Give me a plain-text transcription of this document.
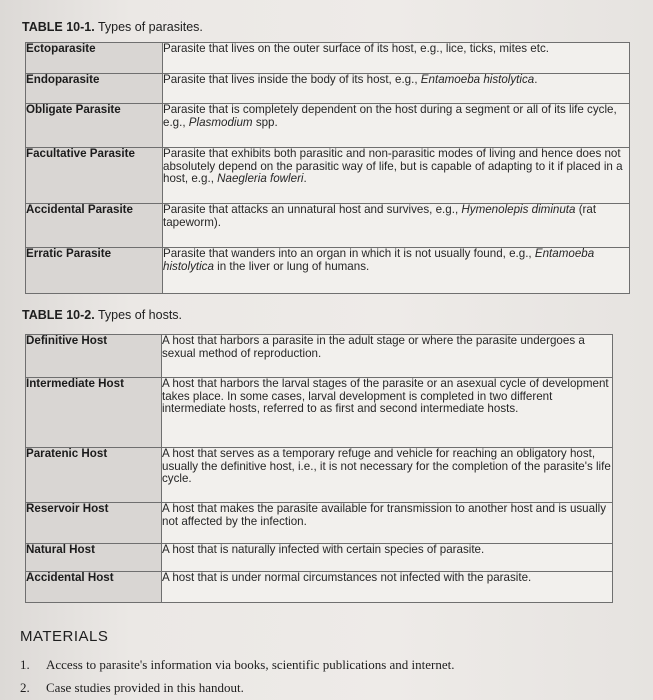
TABLE 10-1. Types of parasites.
Ectoparasite	Parasite that lives on the outer surface of its host, e.g., lice, ticks, mites etc.
Endoparasite	Parasite that lives inside the body of its host, e.g., Entamoeba histolytica.
Obligate Parasite	Parasite that is completely dependent on the host during a segment or all of its life cycle, e.g., Plasmodium spp.
Facultative Parasite	Parasite that exhibits both parasitic and non-parasitic modes of living and hence does not absolutely depend on the parasitic way of life, but is capable of adapting to it if placed in a host, e.g., Naegleria fowleri.
Accidental Parasite	Parasite that attacks an unnatural host and survives, e.g., Hymenolepis diminuta (rat tapeworm).
Erratic Parasite	Parasite that wanders into an organ in which it is not usually found, e.g., Entamoeba histolytica in the liver or lung of humans.
TABLE 10-2. Types of hosts.
Definitive Host	A host that harbors a parasite in the adult stage or where the parasite undergoes a sexual method of reproduction.
Intermediate Host	A host that harbors the larval stages of the parasite or an asexual cycle of development takes place. In some cases, larval development is completed in two different intermediate hosts, referred to as first and second intermediate hosts.
Paratenic Host	A host that serves as a temporary refuge and vehicle for reaching an obligatory host, usually the definitive host, i.e., it is not necessary for the completion of the parasite's life cycle.
Reservoir Host	A host that makes the parasite available for transmission to another host and is usually not affected by the infection.
Natural Host	A host that is naturally infected with certain species of parasite.
Accidental Host	A host that is under normal circumstances not infected with the parasite.
MATERIALS
1. Access to parasite's information via books, scientific publications and internet.
2. Case studies provided in this handout.
